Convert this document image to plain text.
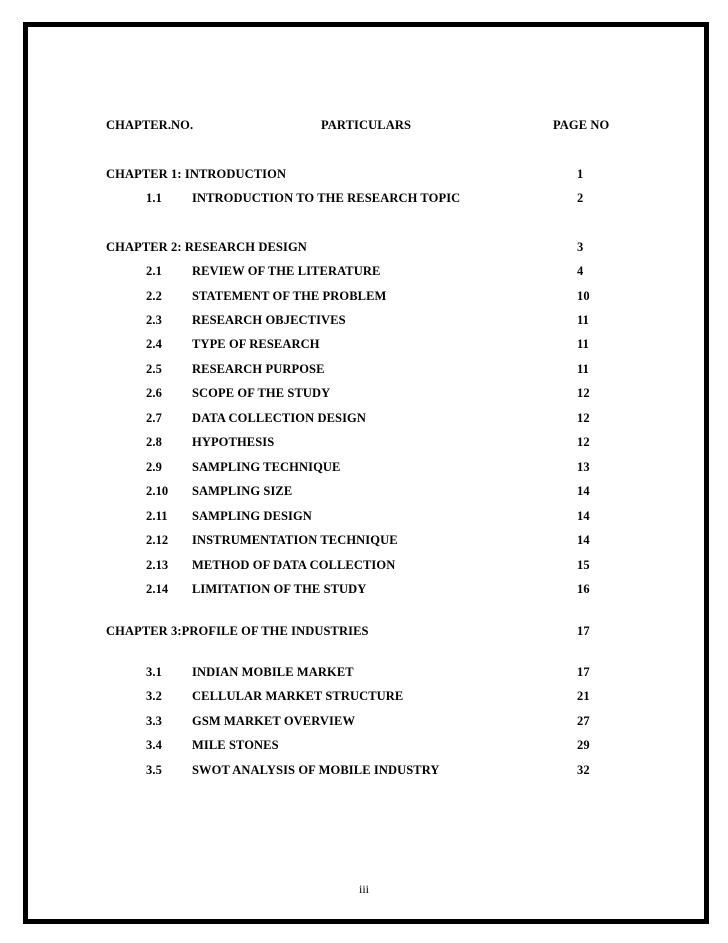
CHAPTER.NO.	PARTICULARS	PAGE NO
CHAPTER 1: INTRODUCTION	1
1.1 INTRODUCTION TO THE RESEARCH TOPIC	2
CHAPTER 2: RESEARCH DESIGN	3
2.1 REVIEW OF THE LITERATURE	4
2.2 STATEMENT OF THE PROBLEM	10
2.3 RESEARCH OBJECTIVES	11
2.4 TYPE OF RESEARCH	11
2.5 RESEARCH PURPOSE	11
2.6 SCOPE OF THE STUDY	12
2.7 DATA COLLECTION DESIGN	12
2.8 HYPOTHESIS	12
2.9 SAMPLING TECHNIQUE	13
2.10 SAMPLING SIZE	14
2.11 SAMPLING DESIGN	14
2.12 INSTRUMENTATION TECHNIQUE	14
2.13 METHOD OF DATA COLLECTION	15
2.14 LIMITATION OF THE STUDY	16
CHAPTER 3:PROFILE OF THE INDUSTRIES	17
3.1 INDIAN MOBILE MARKET	17
3.2 CELLULAR MARKET STRUCTURE	21
3.3 GSM MARKET OVERVIEW	27
3.4 MILE STONES	29
3.5 SWOT ANALYSIS OF MOBILE INDUSTRY	32
iii
